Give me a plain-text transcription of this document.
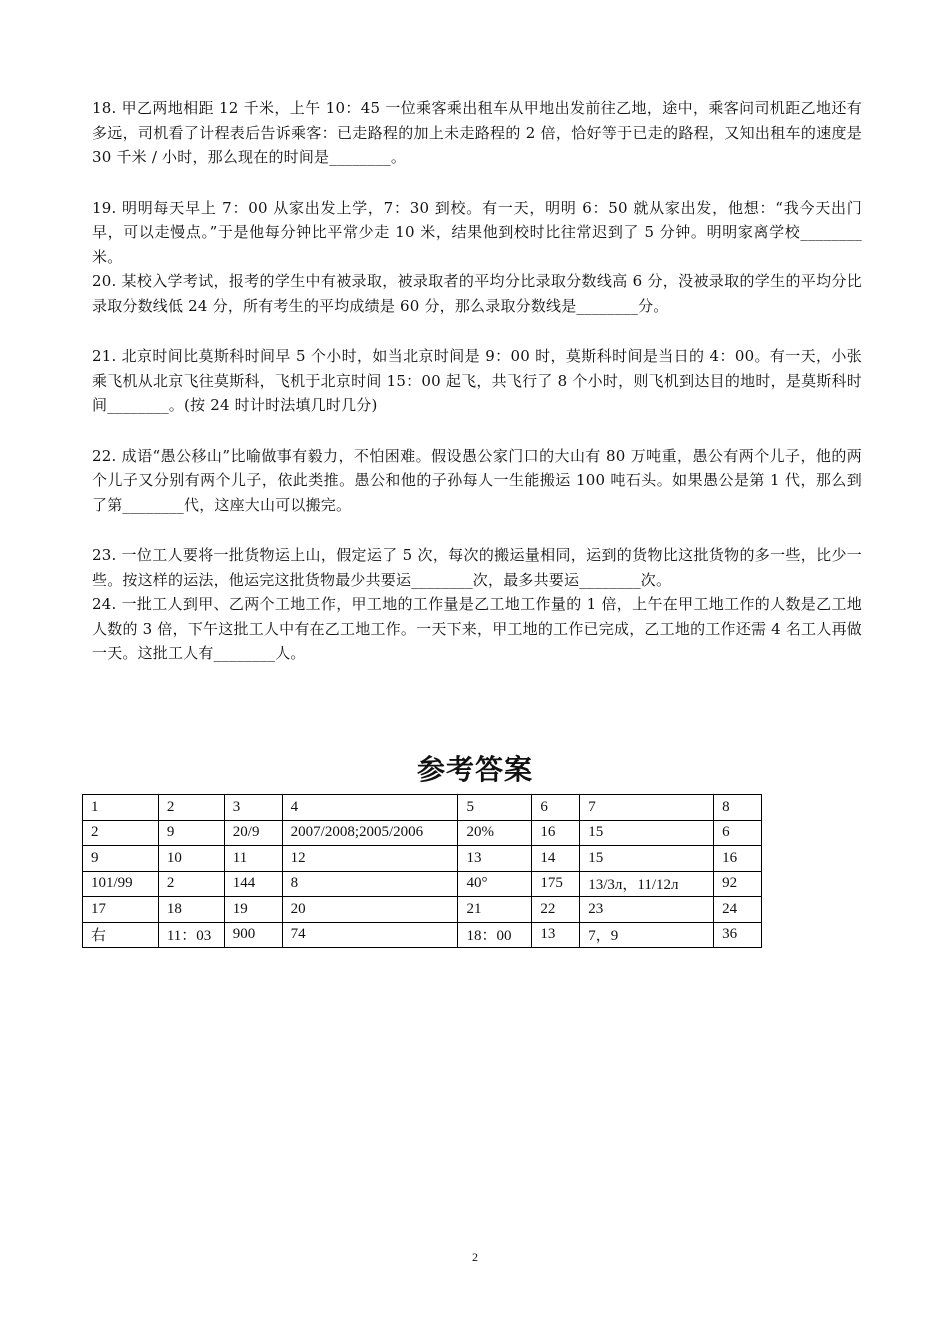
18. 甲乙两地相距 12 千米，上午 10：45 一位乘客乘出租车从甲地出发前往乙地，途中，乘客问司机距乙地还有多远，司机看了计程表后告诉乘客：已走路程的加上未走路程的 2 倍，恰好等于已走的路程，又知出租车的速度是 30 千米 / 小时，那么现在的时间是________。

19. 明明每天早上 7：00 从家出发上学，7：30 到校。有一天，明明 6：50 就从家出发，他想：“我今天出门早，可以走慢点。”于是他每分钟比平常少走 10 米，结果他到校时比往常迟到了 5 分钟。明明家离学校________米。

20. 某校入学考试，报考的学生中有被录取，被录取者的平均分比录取分数线高 6 分，没被录取的学生的平均分比录取分数线低 24 分，所有考生的平均成绩是 60 分，那么录取分数线是________分。

21. 北京时间比莫斯科时间早 5 个小时，如当北京时间是 9：00 时，莫斯科时间是当日的 4：00。有一天，小张乘飞机从北京飞往莫斯科，飞机于北京时间 15：00 起飞，共飞行了 8 个小时，则飞机到达目的地时，是莫斯科时间________。(按 24 时计时法填几时几分)

22. 成语“愚公移山”比喻做事有毅力，不怕困难。假设愚公家门口的大山有 80 万吨重，愚公有两个儿子，他的两个儿子又分别有两个儿子，依此类推。愚公和他的子孙每人一生能搬运 100 吨石头。如果愚公是第 1 代，那么到了第________代，这座大山可以搬完。

23. 一位工人要将一批货物运上山，假定运了 5 次，每次的搬运量相同，运到的货物比这批货物的多一些，比少一些。按这样的运法，他运完这批货物最少共要运________次，最多共要运________次。

24. 一批工人到甲、乙两个工地工作，甲工地的工作量是乙工地工作量的 1 倍，上午在甲工地工作的人数是乙工地人数的 3 倍，下午这批工人中有在乙工地工作。一天下来，甲工地的工作已完成，乙工地的工作还需 4 名工人再做一天。这批工人有________人。

参考答案
1	2	3	4	5	6	7	8
2	9	20/9	2007/2008;2005/2006	20%	16	15	6
9	10	11	12	13	14	15	16
101/99	2	144	8	40°	175	13/3л，11/12л	92
17	18	19	20	21	22	23	24
右	11：03	900	74	18：00	13	7，9	36

2
